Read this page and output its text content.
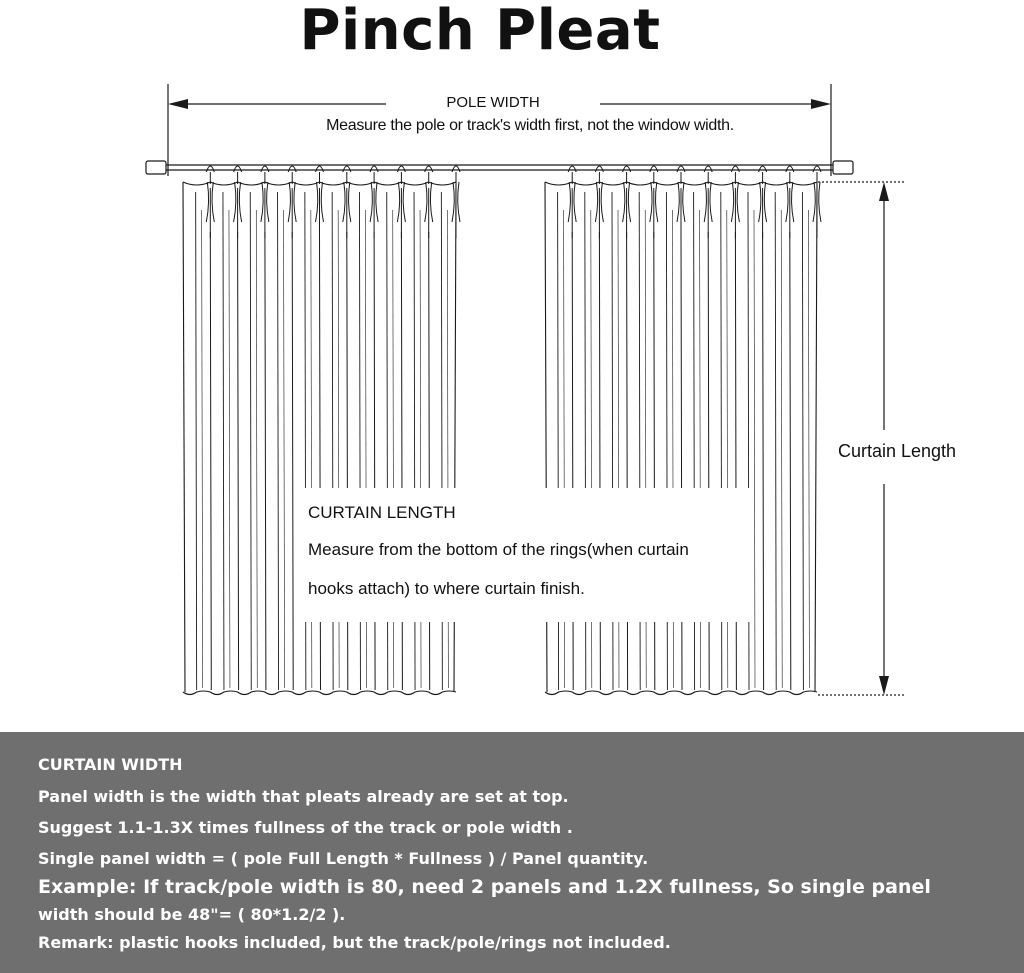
Pinch Pleat
POLE WIDTH
Measure the pole or track's width first, not the window width.
Curtain Length
CURTAIN LENGTH
Measure from the bottom of the rings(when curtain
hooks attach) to where curtain finish.
CURTAIN WIDTH
Panel width is the width that pleats already are set at top.
Suggest 1.1-1.3X times fullness of the track or pole width .
Single panel width = ( pole Full Length * Fullness ) / Panel quantity.
Example: If track/pole width is 80, need 2 panels and 1.2X fullness, So single panel
width should be 48"= ( 80*1.2/2 ).
Remark: plastic hooks included, but the track/pole/rings not included.
